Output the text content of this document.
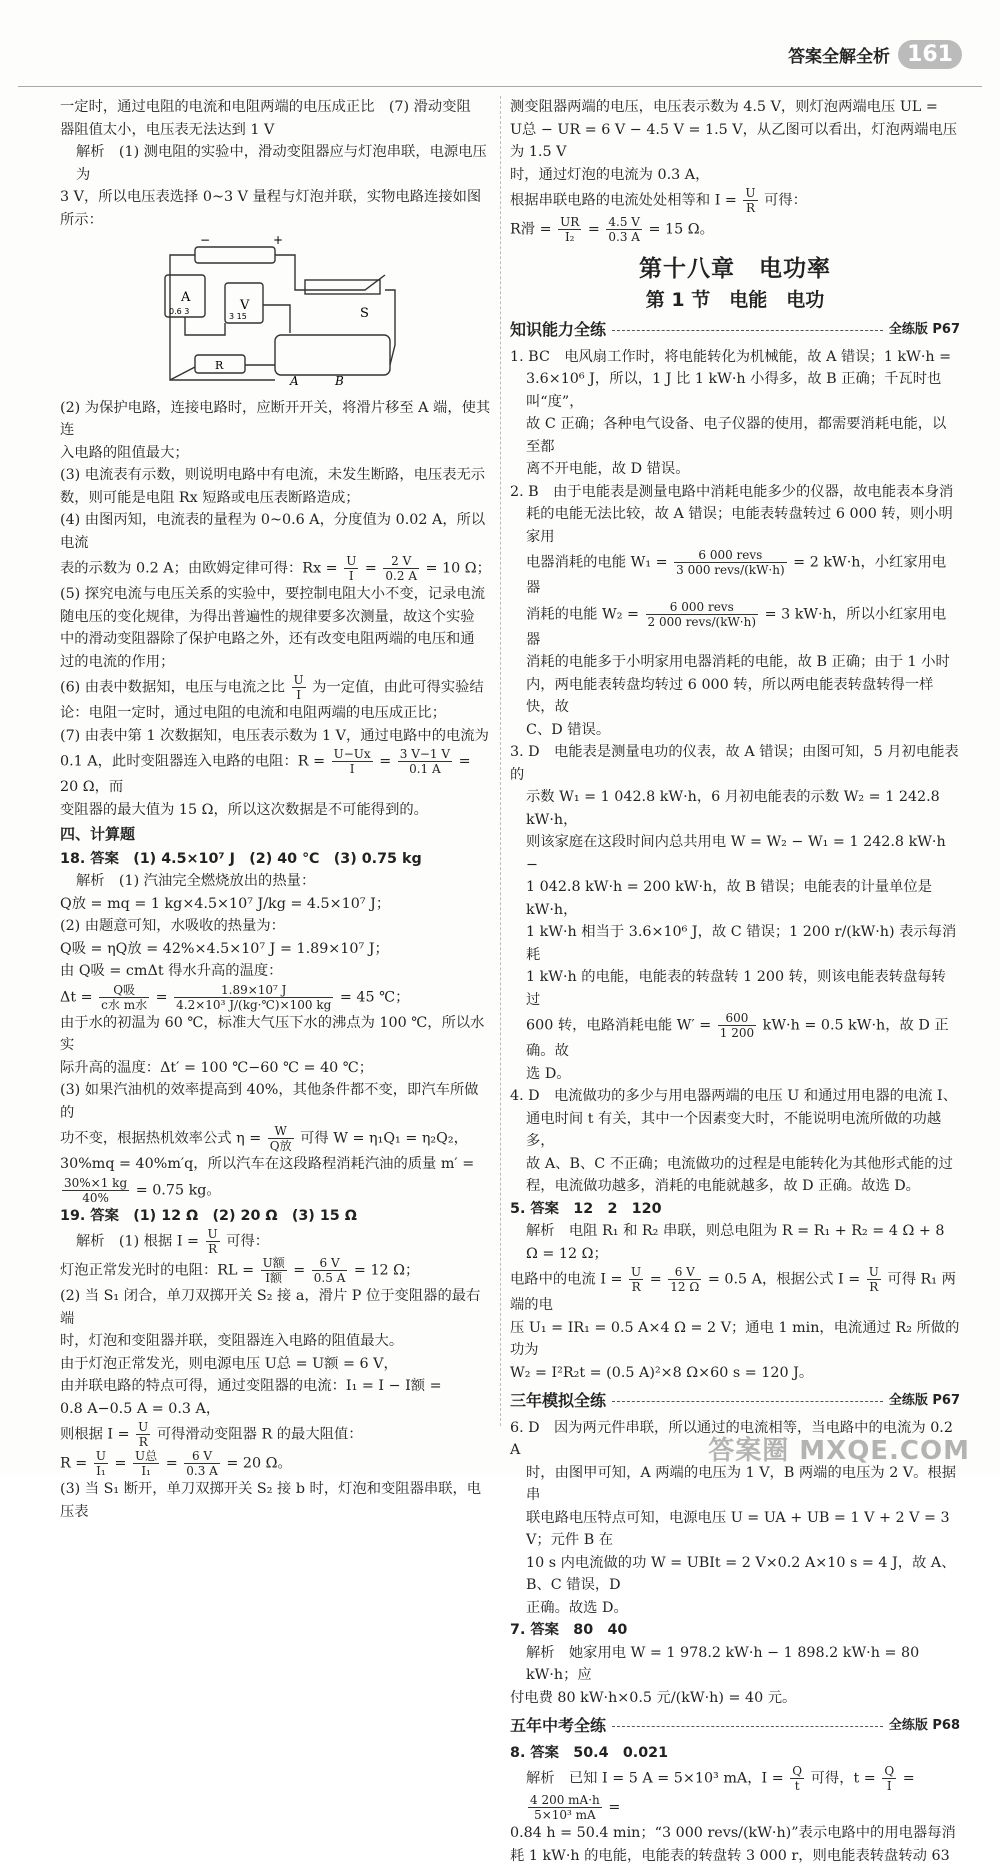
答案全解全析 161

一定时，通过电阻的电流和电阻两端的电压成正比　(7) 滑动变阻

器阻值太小，电压表无法达到 1 V

解析　(1) 测电阻的实验中，滑动变阻器应与灯泡串联，电源电压为

3 V，所以电压表选择 0~3 V 量程与灯泡并联，实物电路连接如图

所示：

A
V
S
A	B
R
0.6 3
3 15
−	+

(2) 为保护电路，连接电路时，应断开开关，将滑片移至 A 端，使其连

入电路的阻值最大；

(3) 电流表有示数，则说明电路中有电流，未发生断路，电压表无示

数，则可能是电阻 Rx 短路或电压表断路造成；

(4) 由图丙知，电流表的量程为 0~0.6 A，分度值为 0.02 A，所以电流

表的示数为 0.2 A；由欧姆定律可得：$Rx = \frac{U}{I} = \frac{2 V}{0.2 A} = 10$ Ω；

(5) 探究电流与电压关系的实验中，要控制电阻大小不变，记录电流

随电压的变化规律，为得出普遍性的规律要多次测量，故这个实验

中的滑动变阻器除了保护电路之外，还有改变电阻两端的电压和通

过的电流的作用；

(6) 由表中数据知，电压与电流之比 $\frac{U}{I}$ 为一定值，由此可得实验结

论：电阻一定时，通过电阻的电流和电阻两端的电压成正比；

(7) 由表中第 1 次数据知，电压表示数为 1 V，通过电路中的电流为

0.1 A，此时变阻器连入电路的电阻：$R = \frac{U-Ux}{I} = \frac{3 V-1 V}{0.1 A} = 20$ Ω，而

变阻器的最大值为 15 Ω，所以这次数据是不可能得到的。

四、计算题

18. 答案　(1) 4.5×10⁷ J　(2) 40 ℃　(3) 0.75 kg

解析　(1) 汽油完全燃烧放出的热量：

Q放 = mq = 1 kg×4.5×10⁷ J/kg = 4.5×10⁷ J；

(2) 由题意可知，水吸收的热量为：

Q吸 = ηQ放 = 42%×4.5×10⁷ J = 1.89×10⁷ J；

由 Q吸 = cmΔt 得水升高的温度：

$\Delta t = \frac{\text{Q吸}}{\text{c水 m水}} = \frac{\text{1.89×10⁷ J}}{\text{4.2×10³ J/(kg·℃)×100 kg}} = 45$ ℃；

由于水的初温为 60 ℃，标准大气压下水的沸点为 100 ℃，所以水实

际升高的温度：Δt′ = 100 ℃−60 ℃ = 40 ℃；

(3) 如果汽油机的效率提高到 40%，其他条件都不变，即汽车所做的

功不变，根据热机效率公式 $\eta = \frac{W}{\text{Q放}}$ 可得 W = η₁Q₁ = η₂Q₂，

30%mq = 40%m′q，所以汽车在这段路程消耗汽油的质量 m′ =

$\frac{30\%\times 1 kg}{40\%} = 0.75$ kg。

19. 答案　(1) 12 Ω　(2) 20 Ω　(3) 15 Ω

解析　(1) 根据 $I = \frac{U}{R}$ 可得：

灯泡正常发光时的电阻：RL = $\frac{\text{U额}}{\text{I额}} = \frac{6 V}{0.5 A} = 12$ Ω；

(2) 当 S₁ 闭合，单刀双掷开关 S₂ 接 a，滑片 P 位于变阻器的最右端

时，灯泡和变阻器并联，变阻器连入电路的阻值最大。

由于灯泡正常发光，则电源电压 U总 = U额 = 6 V，

由并联电路的特点可得，通过变阻器的电流：I₁ = I − I额 =

0.8 A−0.5 A = 0.3 A，

则根据 $I = \frac{U}{R}$ 可得滑动变阻器 R 的最大阻值：

$R = \frac{U}{\text{I₁}} = \frac{\text{U总}}{\text{I₁}} = \frac{6 V}{0.3 A} = 20$ Ω。

(3) 当 S₁ 断开，单刀双掷开关 S₂ 接 b 时，灯泡和变阻器串联，电压表

测变阻器两端的电压，电压表示数为 4.5 V，则灯泡两端电压 UL =

U总 − UR = 6 V − 4.5 V = 1.5 V，从乙图可以看出，灯泡两端电压为 1.5 V

时，通过灯泡的电流为 0.3 A，

根据串联电路的电流处处相等和 $I = \frac{U}{R}$ 可得：

R滑 = $\frac{UR}{\text{I₂}} = \frac{4.5 V}{0.3 A} = 15$ Ω。

第十八章　电功率

第 1 节　电能　电功

知识能力全练	全练版 P67

1. BC　电风扇工作时，将电能转化为机械能，故 A 错误；1 kW·h =

3.6×10⁶ J，所以，1 J 比 1 kW·h 小得多，故 B 正确；千瓦时也叫“度”，

故 C 正确；各种电气设备、电子仪器的使用，都需要消耗电能，以至都

离不开电能，故 D 错误。

2. B　由于电能表是测量电路中消耗电能多少的仪器，故电能表本身消

耗的电能无法比较，故 A 错误；电能表转盘转过 6 000 转，则小明家用

电器消耗的电能 $W_1 = \frac{\text{6 000 revs}}{\text{3 000 revs/(kW·h)}} = 2$ kW·h，小红家用电器

消耗的电能 $W_2 = \frac{\text{6 000 revs}}{\text{2 000 revs/(kW·h)}} = 3$ kW·h，所以小红家用电器

消耗的电能多于小明家用电器消耗的电能，故 B 正确；由于 1 小时

内，两电能表转盘均转过 6 000 转，所以两电能表转盘转得一样快，故

C、D 错误。

3. D　电能表是测量电功的仪表，故 A 错误；由图可知，5 月初电能表的

示数 W₁ = 1 042.8 kW·h，6 月初电能表的示数 W₂ = 1 242.8 kW·h，

则该家庭在这段时间内总共用电 W = W₂ − W₁ = 1 242.8 kW·h −

1 042.8 kW·h = 200 kW·h，故 B 错误；电能表的计量单位是 kW·h，

1 kW·h 相当于 3.6×10⁶ J，故 C 错误；1 200 r/(kW·h) 表示每消耗

1 kW·h 的电能，电能表的转盘转 1 200 转，则该电能表转盘每转过

600 转，电路消耗电能 $W' = \frac{600}{1 200} kW\cdot h = 0.5$ kW·h，故 D 正确。故

选 D。

4. D　电流做功的多少与用电器两端的电压 U 和通过用电器的电流 I、

通电时间 t 有关，其中一个因素变大时，不能说明电流所做的功越多，

故 A、B、C 不正确；电流做功的过程是电能转化为其他形式能的过

程，电流做功越多，消耗的电能就越多，故 D 正确。故选 D。

5. 答案　12　2　120

解析　电阻 R₁ 和 R₂ 串联，则总电阻为 R = R₁ + R₂ = 4 Ω + 8 Ω = 12 Ω；

电路中的电流 $I = \frac{U}{R} = \frac{6 V}{12 \Omega} = 0.5$ A，根据公式 $I = \frac{U}{R}$ 可得 R₁ 两端的电

压 U₁ = IR₁ = 0.5 A×4 Ω = 2 V；通电 1 min，电流通过 R₂ 所做的功为

W₂ = I²R₂t = (0.5 A)²×8 Ω×60 s = 120 J。

三年模拟全练	全练版 P67

6. D　因为两元件串联，所以通过的电流相等，当电路中的电流为 0.2 A

时，由图甲可知，A 两端的电压为 1 V，B 两端的电压为 2 V。根据串

联电路电压特点可知，电源电压 U = UA + UB = 1 V + 2 V = 3 V；元件 B 在

10 s 内电流做的功 W = UBIt = 2 V×0.2 A×10 s = 4 J，故 A、B、C 错误，D

正确。故选 D。

7. 答案　80　40

解析　她家用电 W = 1 978.2 kW·h − 1 898.2 kW·h = 80 kW·h；应

付电费 80 kW·h×0.5 元/(kW·h) = 40 元。

五年中考全练	全练版 P68

8. 答案　50.4　0.021

解析　已知 I = 5 A = 5×10³ mA，$I = \frac{Q}{t}$ 可得，$t = \frac{Q}{I}$ =
$\frac{4 200 mA\cdot h}{\text{5×10³ mA}}$ =

0.84 h = 50.4 min；“3 000 revs/(kW·h)”表示电路中的用电器每消

耗 1 kW·h 的电能，电能表的转盘转 3 000 r，则电能表转盘转动 63

答案圈 MXQE.COM
